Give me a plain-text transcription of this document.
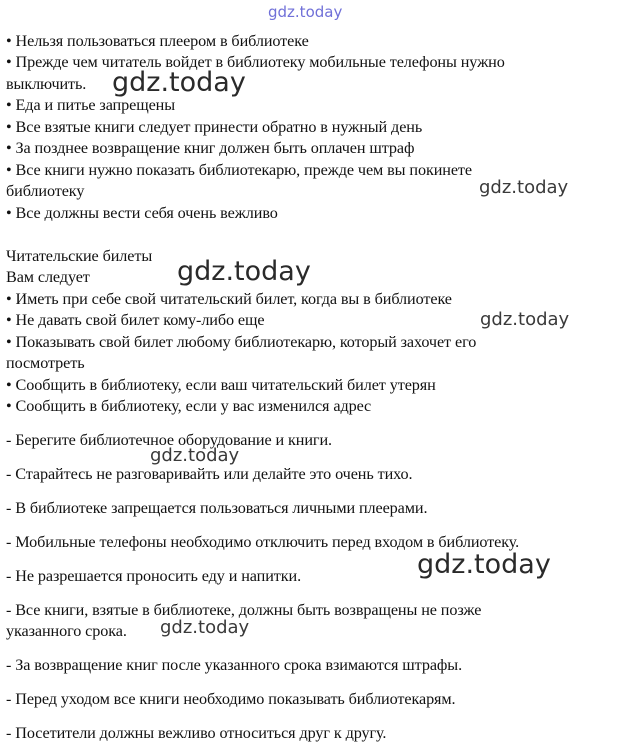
• Нельзя пользоваться плеером в библиотеке
• Прежде чем читатель войдет в библиотеку мобильные телефоны нужно
выключить.
• Еда и питье запрещены
• Все взятые книги следует принести обратно в нужный день
• За позднее возвращение книг должен быть оплачен штраф
• Все книги нужно показать библиотекарю, прежде чем вы покинете
библиотеку
• Все должны вести себя очень вежливо
Читательские билеты
Вам следует
• Иметь при себе свой читательский билет, когда вы в библиотеке
• Не давать свой билет кому-либо еще
• Показывать свой билет любому библиотекарю, который захочет его
посмотреть
• Сообщить в библиотеку, если ваш читательский билет утерян
• Сообщить в библиотеку, если у вас изменился адрес
- Берегите библиотечное оборудование и книги.
- Старайтесь не разговаривайть или делайте это очень тихо.
- В библиотеке запрещается пользоваться личными плеерами.
- Мобильные телефоны необходимо отключить перед входом в библиотеку.
- Не разрешается проносить еду и напитки.
- Все книги, взятые в библиотеке, должны быть возвращены не позже
указанного срока.
- За возвращение книг после указанного срока взимаются штрафы.
- Перед уходом все книги необходимо показывать библиотекарям.
- Посетители должны вежливо относиться друг к другу.
gdz.today
gdz.today
gdz.today
gdz.today
gdz.today
gdz.today
gdz.today
gdz.today
